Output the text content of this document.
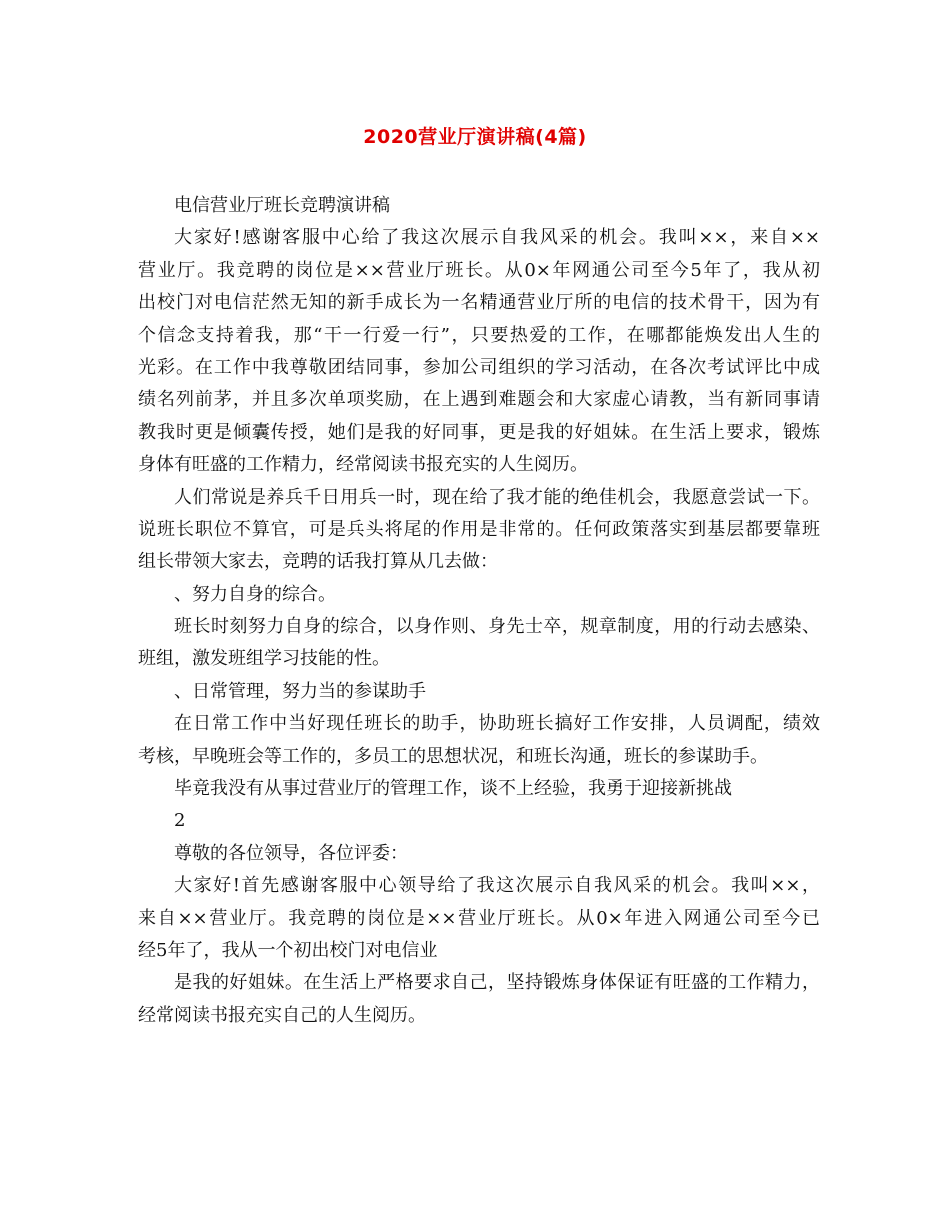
2020营业厅演讲稿(4篇)
电信营业厅班长竞聘演讲稿
大家好!感谢客服中心给了我这次展示自我风采的机会。我叫××，来自××
营业厅。我竞聘的岗位是××营业厅班长。从0×年网通公司至今5年了，我从初
出校门对电信茫然无知的新手成长为一名精通营业厅所的电信的技术骨干，因为有
个信念支持着我，那“干一行爱一行”，只要热爱的工作，在哪都能焕发出人生的
光彩。在工作中我尊敬团结同事，参加公司组织的学习活动，在各次考试评比中成
绩名列前茅，并且多次单项奖励，在上遇到难题会和大家虚心请教，当有新同事请
教我时更是倾囊传授，她们是我的好同事，更是我的好姐妹。在生活上要求，锻炼
身体有旺盛的工作精力，经常阅读书报充实的人生阅历。
人们常说是养兵千日用兵一时，现在给了我才能的绝佳机会，我愿意尝试一下。
说班长职位不算官，可是兵头将尾的作用是非常的。任何政策落实到基层都要靠班
组长带领大家去，竞聘的话我打算从几去做：
、努力自身的综合。
班长时刻努力自身的综合，以身作则、身先士卒，规章制度，用的行动去感染、
班组，激发班组学习技能的性。
、日常管理，努力当的参谋助手
在日常工作中当好现任班长的助手，协助班长搞好工作安排，人员调配，绩效
考核，早晚班会等工作的，多员工的思想状况，和班长沟通，班长的参谋助手。
毕竟我没有从事过营业厅的管理工作，谈不上经验，我勇于迎接新挑战
2
尊敬的各位领导，各位评委：
大家好!首先感谢客服中心领导给了我这次展示自我风采的机会。我叫××，
来自××营业厅。我竞聘的岗位是××营业厅班长。从0×年进入网通公司至今已
经5年了，我从一个初出校门对电信业
是我的好姐妹。在生活上严格要求自己，坚持锻炼身体保证有旺盛的工作精力，
经常阅读书报充实自己的人生阅历。
